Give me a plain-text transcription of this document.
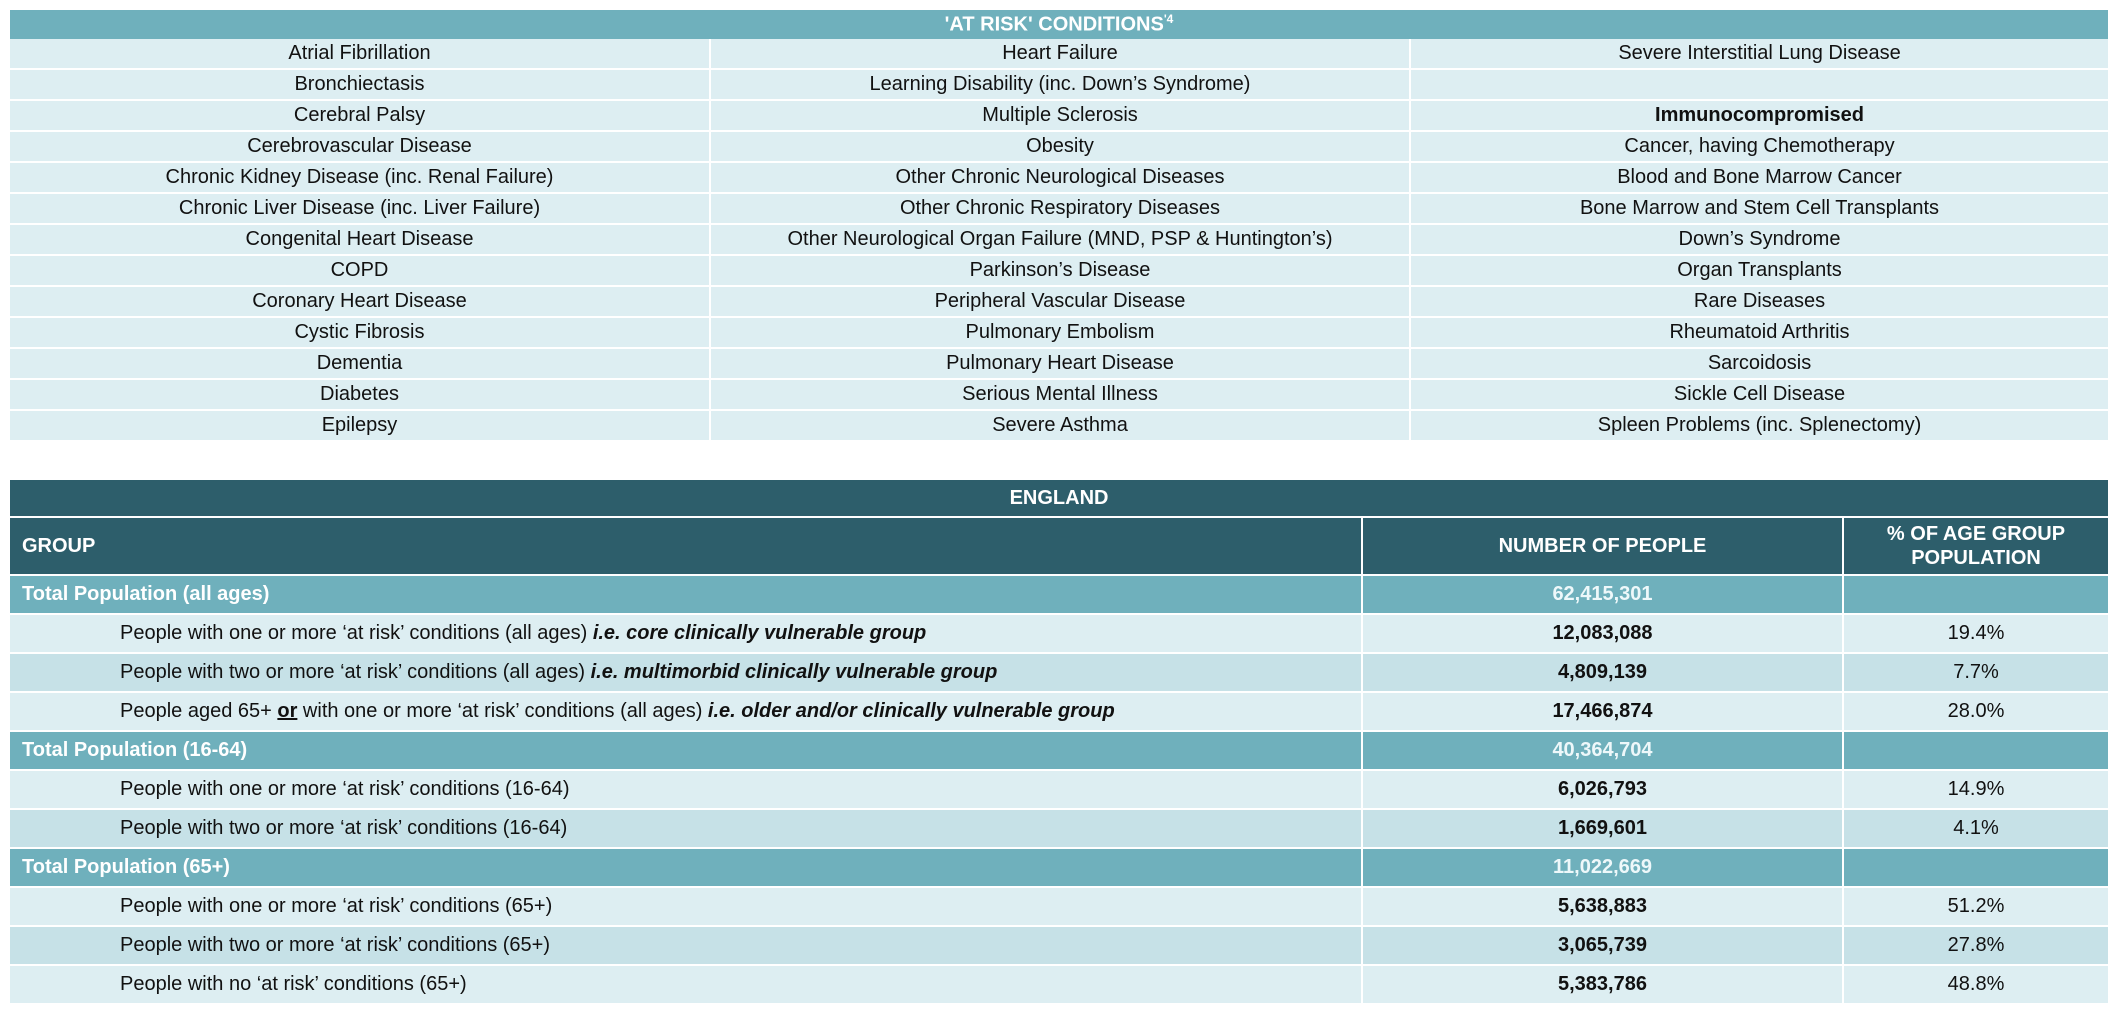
'AT RISK' $CONDITIONS^{'4}$
Atrial Fibrillation	Heart Failure	Severe Interstitial Lung Disease
Bronchiectasis	Learning Disability (inc. Down’s Syndrome)	
Cerebral Palsy	Multiple Sclerosis	Immunocompromised
Cerebrovascular Disease	Obesity	Cancer, having Chemotherapy
Chronic Kidney Disease (inc. Renal Failure)	Other Chronic Neurological Diseases	Blood and Bone Marrow Cancer
Chronic Liver Disease (inc. Liver Failure)	Other Chronic Respiratory Diseases	Bone Marrow and Stem Cell Transplants
Congenital Heart Disease	Other Neurological Organ Failure (MND, PSP & Huntington’s)	Down’s Syndrome
COPD	Parkinson’s Disease	Organ Transplants
Coronary Heart Disease	Peripheral Vascular Disease	Rare Diseases
Cystic Fibrosis	Pulmonary Embolism	Rheumatoid Arthritis
Dementia	Pulmonary Heart Disease	Sarcoidosis
Diabetes	Serious Mental Illness	Sickle Cell Disease
Epilepsy	Severe Asthma	Spleen Problems (inc. Splenectomy)
ENGLAND		
GROUP	NUMBER OF PEOPLE	% OF AGE GROUP
POPULATION
Total Population (all ages)	62,415,301	
People with one or more ‘at risk’ conditions (all ages) i.e. core clinically vulnerable group	12,083,088	19.4%
People with two or more ‘at risk’ conditions (all ages) i.e. multimorbid clinically vulnerable group	4,809,139	7.7%
People aged 65+ or with one or more ‘at risk’ conditions (all ages) i.e. older and/or clinically vulnerable group	17,466,874	28.0%
Total Population (16-64)	40,364,704	
People with one or more ‘at risk’ conditions (16-64)	6,026,793	14.9%
People with two or more ‘at risk’ conditions (16-64)	1,669,601	4.1%
Total Population (65+)	11,022,669	
People with one or more ‘at risk’ conditions (65+)	5,638,883	51.2%
People with two or more ‘at risk’ conditions (65+)	3,065,739	27.8%
People with no ‘at risk’ conditions (65+)	5,383,786	48.8%
